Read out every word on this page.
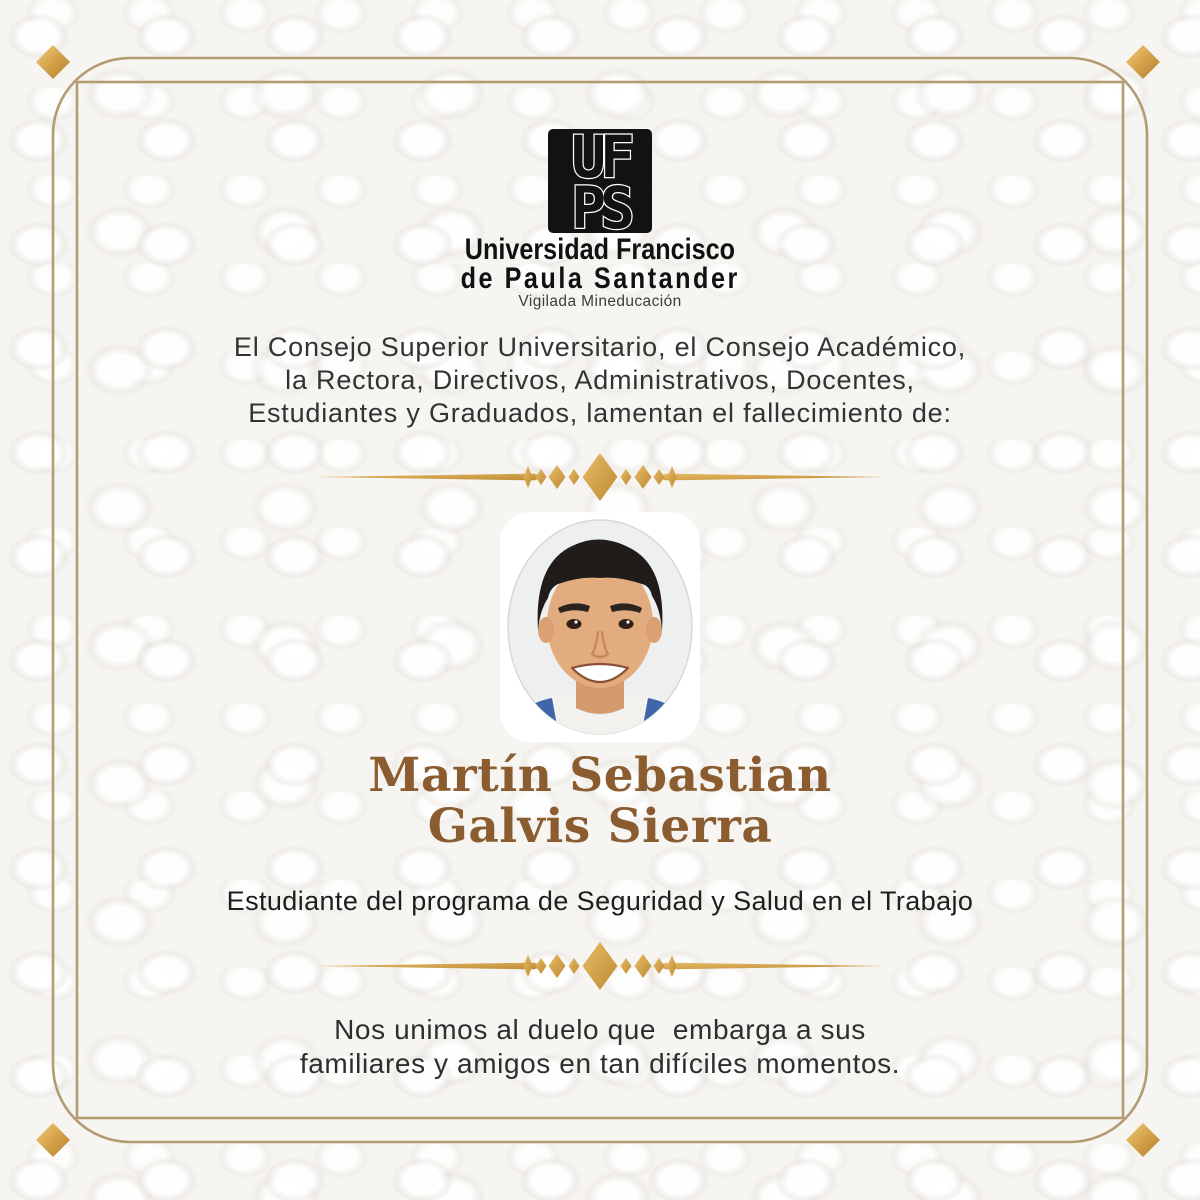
UF
PS
Universidad Francisco
de Paula Santander
Vigilada Mineducación
El Consejo Superior Universitario, el Consejo Académico,
la Rectora, Directivos, Administrativos, Docentes,
Estudiantes y Graduados, lamentan el fallecimiento de:
Martín Sebastian
Galvis Sierra
Estudiante del programa de Seguridad y Salud en el Trabajo
Nos unimos al duelo que  embarga a sus
familiares y amigos en tan difíciles momentos.
